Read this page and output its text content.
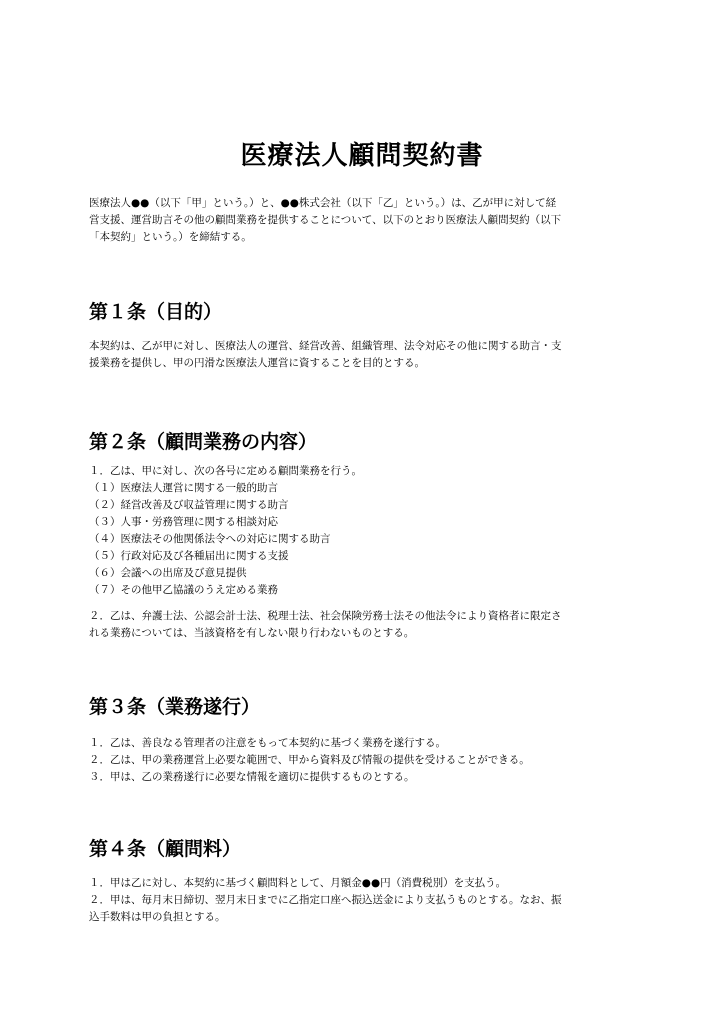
医療法人顧問契約書

医療法人●●（以下「甲」という。）と、●●株式会社（以下「乙」という。）は、乙が甲に対して経
営支援、運営助言その他の顧問業務を提供することについて、以下のとおり医療法人顧問契約（以下
「本契約」という。）を締結する。

第１条（目的）

本契約は、乙が甲に対し、医療法人の運営、経営改善、組織管理、法令対応その他に関する助言・支
援業務を提供し、甲の円滑な医療法人運営に資することを目的とする。

第２条（顧問業務の内容）

１．乙は、甲に対し、次の各号に定める顧問業務を行う。
（１）医療法人運営に関する一般的助言
（２）経営改善及び収益管理に関する助言
（３）人事・労務管理に関する相談対応
（４）医療法その他関係法令への対応に関する助言
（５）行政対応及び各種届出に関する支援
（６）会議への出席及び意見提供
（７）その他甲乙協議のうえ定める業務

２．乙は、弁護士法、公認会計士法、税理士法、社会保険労務士法その他法令により資格者に限定さ
れる業務については、当該資格を有しない限り行わないものとする。

第３条（業務遂行）

１．乙は、善良なる管理者の注意をもって本契約に基づく業務を遂行する。
２．乙は、甲の業務運営上必要な範囲で、甲から資料及び情報の提供を受けることができる。
３．甲は、乙の業務遂行に必要な情報を適切に提供するものとする。

第４条（顧問料）

１．甲は乙に対し、本契約に基づく顧問料として、月額金●●円（消費税別）を支払う。
２．甲は、毎月末日締切、翌月末日までに乙指定口座へ振込送金により支払うものとする。なお、振
込手数料は甲の負担とする。
